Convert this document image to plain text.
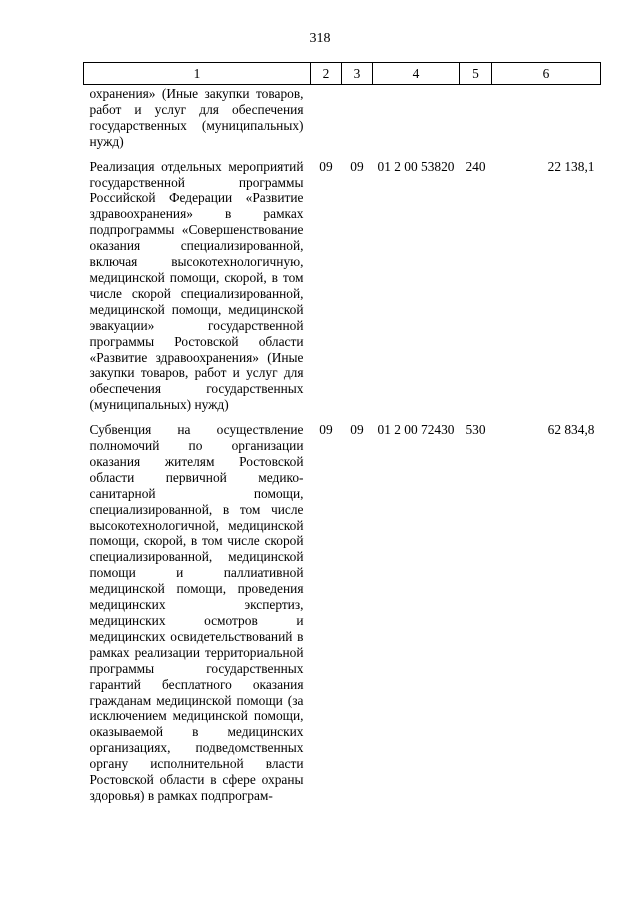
318
1	2	3	4	5	6
охранения» (Иные закупки товаров, работ и услуг для обеспечения государственных (муниципальных) нужд)					
Реализация отдельных мероприятий государственной программы Российской Федерации «Развитие здравоохранения» в рамках подпрограммы «Совершенствование оказания специализированной, включая высокотехнологичную, медицинской помощи, скорой, в том числе скорой специализированной, медицинской помощи, медицинской эвакуации» государственной программы Ростовской области «Развитие здравоохранения» (Иные закупки товаров, работ и услуг для обеспечения государственных (муниципальных) нужд)	09	09	01 2 00 53820	240	22 138,1
Субвенция на осуществление полномочий по организации оказания жителям Ростовской области первичной медико-санитарной помощи, специализированной, в том числе высокотехнологичной, медицинской помощи, скорой, в том числе скорой специализированной, медицинской помощи и паллиативной медицинской помощи, проведения медицинских экспертиз, медицинских осмотров и медицинских освидетельствований в рамках реализации территориальной программы государственных гарантий бесплатного оказания гражданам медицинской помощи (за исключением медицинской помощи, оказываемой в медицинских организациях, подведомственных органу исполнительной власти Ростовской области в сфере охраны здоровья) в рамках подпрограм-	09	09	01 2 00 72430	530	62 834,8
